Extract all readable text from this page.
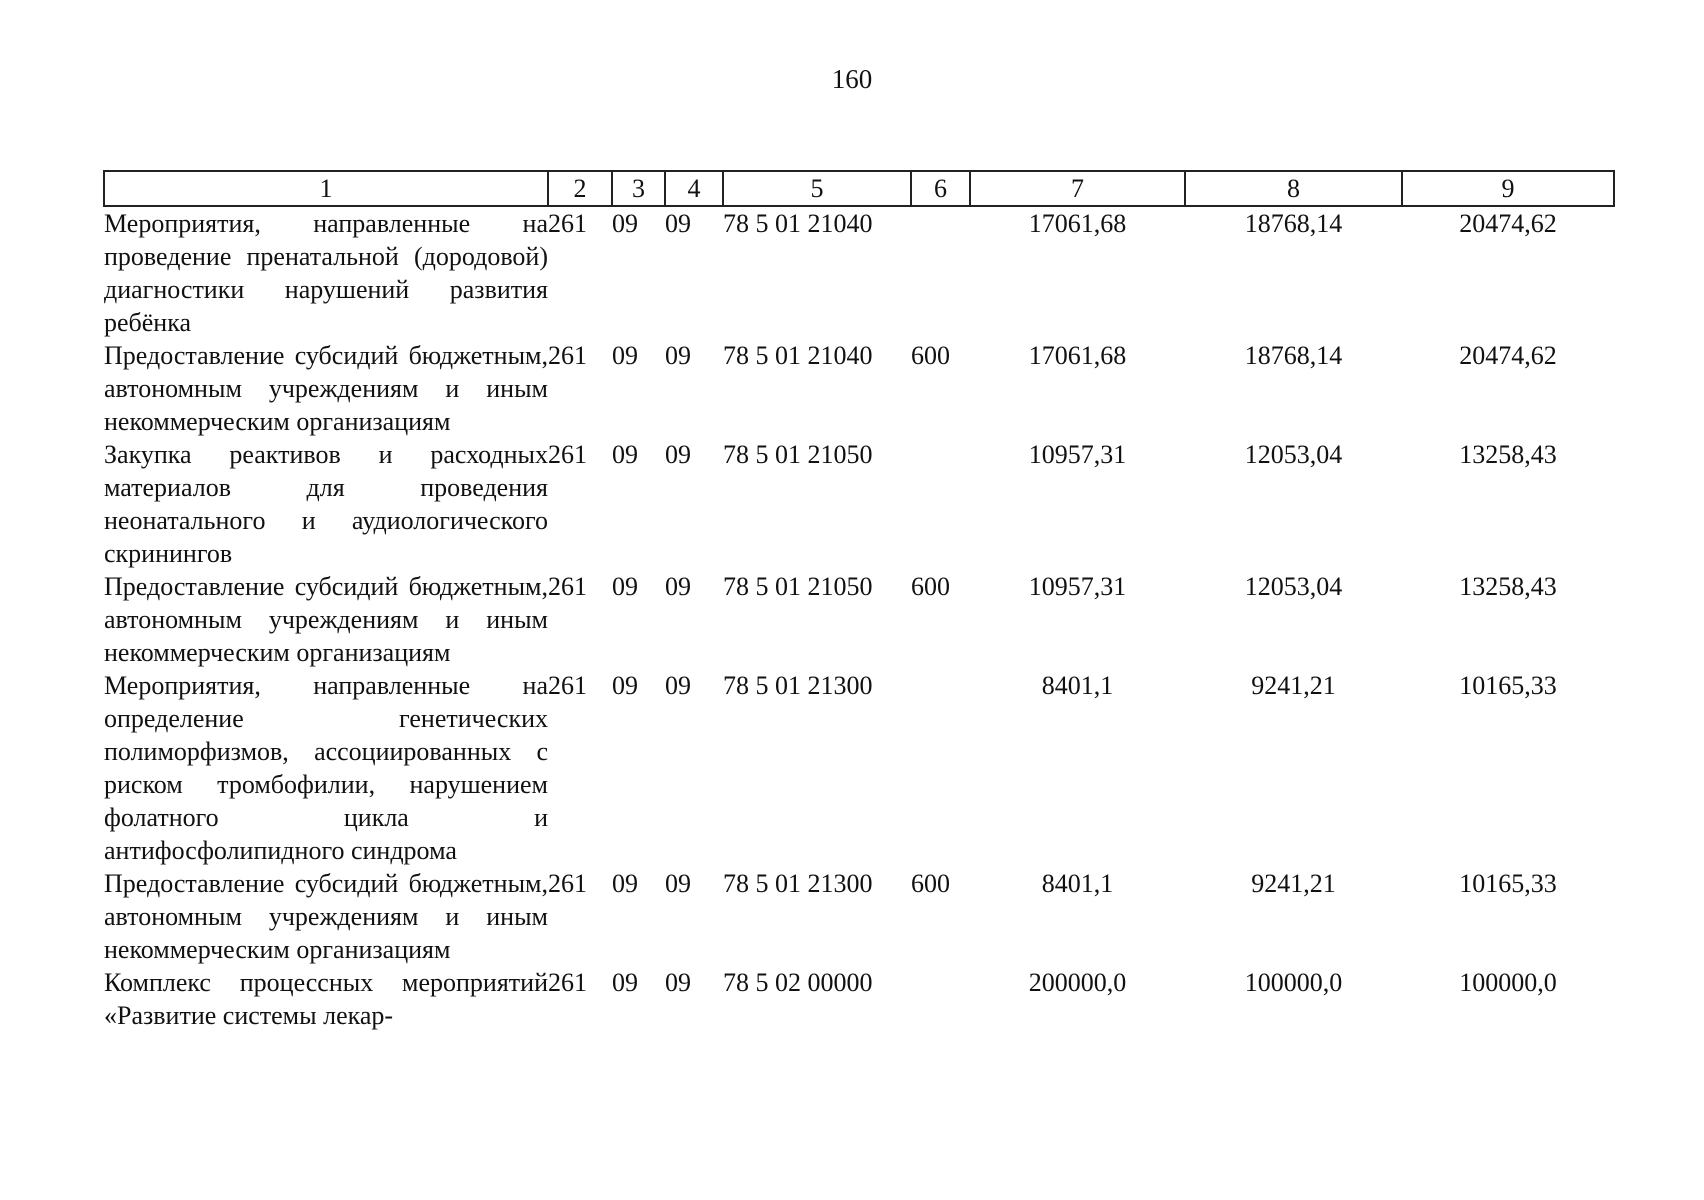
160
1	2	3	4	5	6	7	8	9
Мероприятия, направленные на проведение пренатальной (дородовой) диагностики нарушений развития ребёнка	261	09	09	78 5 01 21040		17061,68	18768,14	20474,62
Предоставление субсидий бюджетным, автономным учреждениям и иным некоммерческим организациям	261	09	09	78 5 01 21040	600	17061,68	18768,14	20474,62
Закупка реактивов и расходных материалов для проведения неонатального и аудиологического скринингов	261	09	09	78 5 01 21050		10957,31	12053,04	13258,43
Предоставление субсидий бюджетным, автономным учреждениям и иным некоммерческим организациям	261	09	09	78 5 01 21050	600	10957,31	12053,04	13258,43
Мероприятия, направленные на определение генетических полиморфизмов, ассоциированных с риском тромбофилии, нарушением фолатного цикла и антифосфолипидного синдрома	261	09	09	78 5 01 21300		8401,1	9241,21	10165,33
Предоставление субсидий бюджетным, автономным учреждениям и иным некоммерческим организациям	261	09	09	78 5 01 21300	600	8401,1	9241,21	10165,33
Комплекс процессных мероприятий «Развитие системы лекар-	261	09	09	78 5 02 00000		200000,0	100000,0	100000,0
